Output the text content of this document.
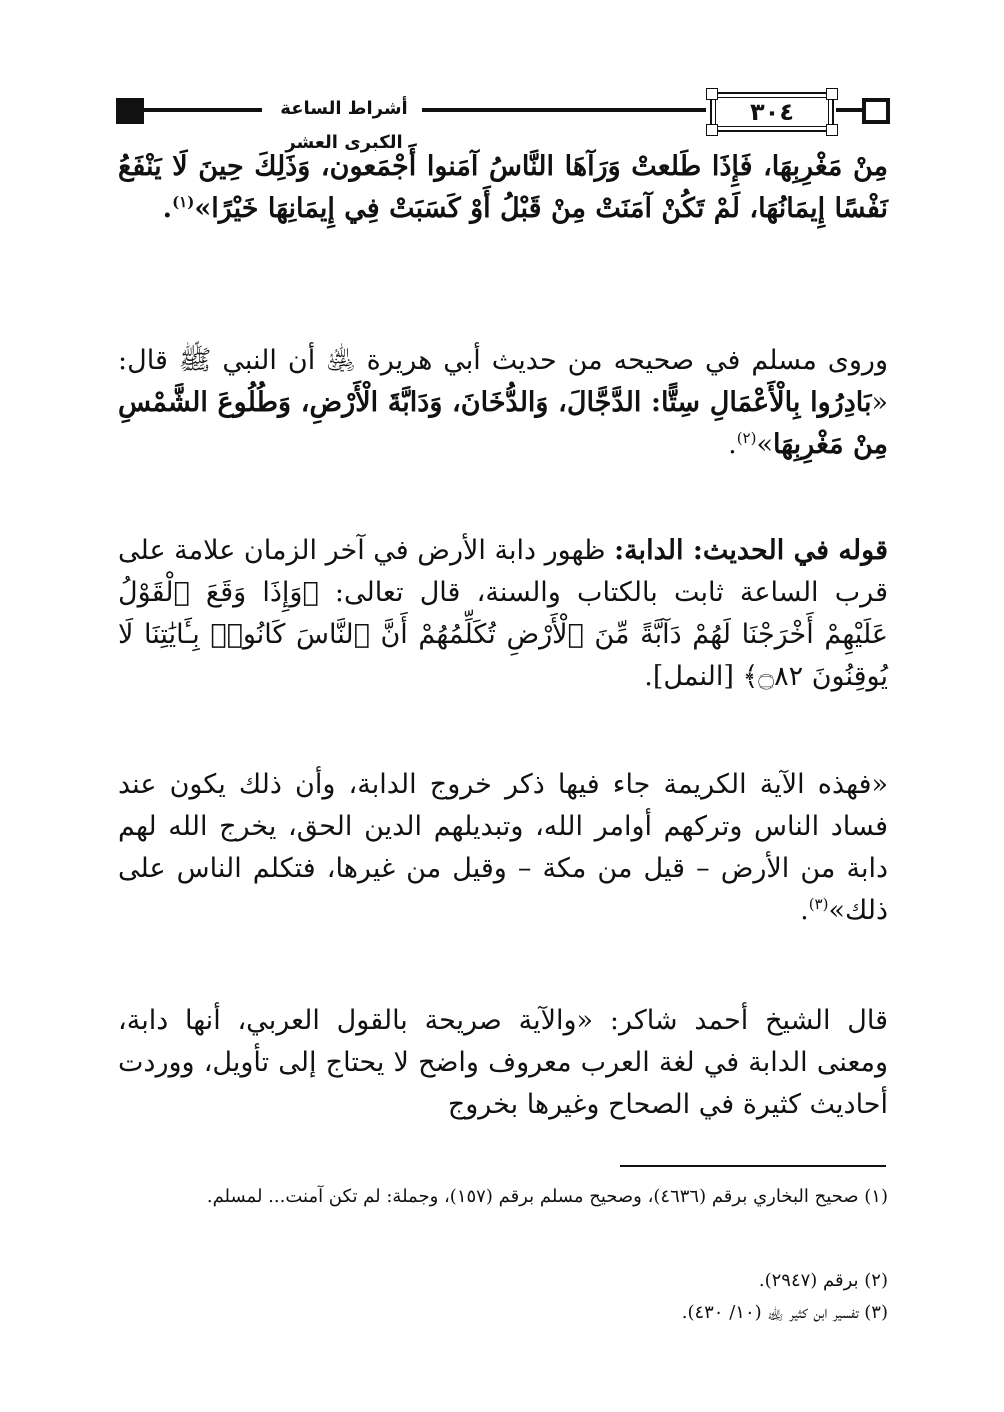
أشراط الساعة الكبرى العشر
٣٠٤

مِنْ مَغْرِبِهَا، فَإِذَا طَلعتْ وَرَآهَا النَّاسُ آمَنوا أَجْمَعون، وَذَلِكَ حِينَ لَا يَنْفَعُ نَفْسًا إِيمَانُهَا، لَمْ تَكُنْ آمَنَتْ مِنْ قَبْلُ أَوْ كَسَبَتْ فِي إِيمَانِهَا خَيْرًا»$^{(١)}$.

وروى مسلم في صحيحه من حديث أبي هريرة ﵁ أن النبي ﷺ قال: «بَادِرُوا بِالْأَعْمَالِ سِتًّا: الدَّجَّالَ، وَالدُّخَانَ، وَدَابَّةَ الْأَرْضِ، وَطُلُوعَ الشَّمْسِ مِنْ مَغْرِبِهَا»$^{(٢)}$.

قوله في الحديث: الدابة: ظهور دابة الأرض في آخر الزمان علامة على قرب الساعة ثابت بالكتاب والسنة، قال تعالى: ﴿وَإِذَا وَقَعَ ٱلْقَوْلُ عَلَيْهِمْ أَخْرَجْنَا لَهُمْ دَآبَّةً مِّنَ ٱلْأَرْضِ تُكَلِّمُهُمْ أَنَّ ٱلنَّاسَ كَانُوا۟ بِـَٔايَٰتِنَا لَا يُوقِنُونَ ۝٨٢﴾ [النمل].

«فهذه الآية الكريمة جاء فيها ذكر خروج الدابة، وأن ذلك يكون عند فساد الناس وتركهم أوامر الله، وتبديلهم الدين الحق، يخرج الله لهم دابة من الأرض – قيل من مكة – وقيل من غيرها، فتكلم الناس على ذلك»$^{(٣)}$.

قال الشيخ أحمد شاكر: «والآية صريحة بالقول العربي، أنها دابة، ومعنى الدابة في لغة العرب معروف واضح لا يحتاج إلى تأويل، ووردت أحاديث كثيرة في الصحاح وغيرها بخروج

(١) صحيح البخاري برقم (٤٦٣٦)، وصحيح مسلم برقم (١٥٧)، وجملة: لم تكن آمنت... لمسلم.

(٢) برقم (٢٩٤٧).

(٣) تفسير ابن كثير ﵀ (١٠/ ٤٣٠).
